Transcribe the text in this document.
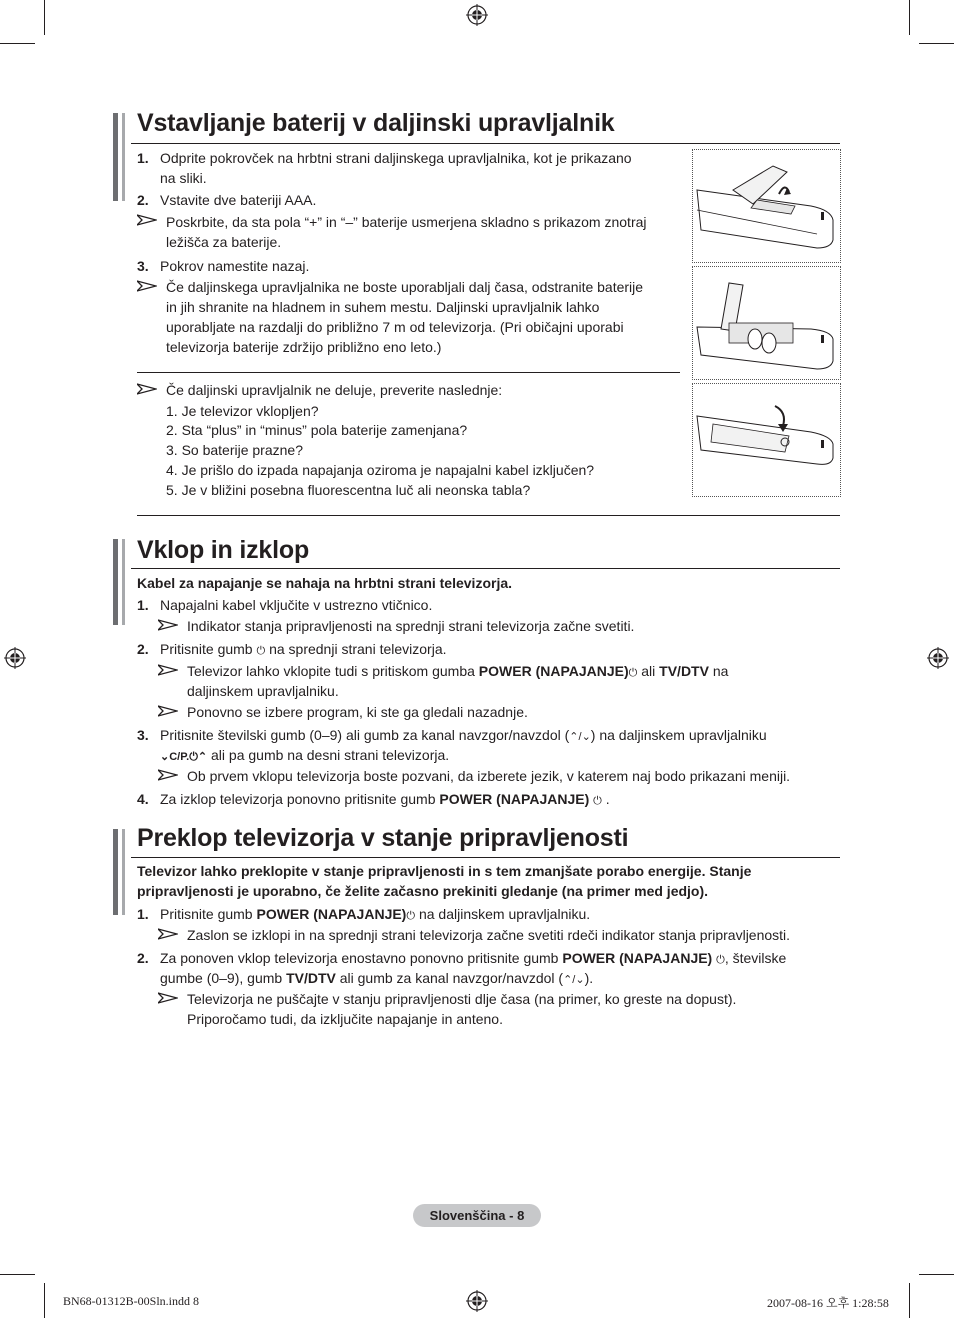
Vstavljanje baterij v daljinski upravljalnik
1. Odprite pokrovček na hrbtni strani daljinskega upravljalnika, kot je prikazano
na sliki.
2. Vstavite dve bateriji AAA.
Poskrbite, da sta pola “+” in “–” baterije usmerjena skladno s prikazom znotraj
ležišča za baterije.
3. Pokrov namestite nazaj.
Če daljinskega upravljalnika ne boste uporabljali dalj časa, odstranite baterije
in jih shranite na hladnem in suhem mestu. Daljinski upravljalnik lahko
uporabljate na razdalji do približno 7 m od televizorja. (Pri običajni uporabi
televizorja baterije zdržijo približno eno leto.)
Če daljinski upravljalnik ne deluje, preverite naslednje:
1. Je televizor vklopljen?
2. Sta “plus” in “minus” pola baterije zamenjana?
3. So baterije prazne?
4. Je prišlo do izpada napajanja oziroma je napajalni kabel izključen?
5. Je v bližini posebna fluorescentna luč ali neonska tabla?
Vklop in izklop
Kabel za napajanje se nahaja na hrbtni strani televizorja.
1. Napajalni kabel vključite v ustrezno vtičnico.
Indikator stanja pripravljenosti na sprednji strani televizorja začne svetiti.
2. Pritisnite gumb ⏻ na sprednji strani televizorja.
Televizor lahko vklopite tudi s pritiskom gumba POWER (NAPAJANJE)⏻ ali TV/DTV na
daljinskem upravljalniku.
Ponovno se izbere program, ki ste ga gledali nazadnje.
3. Pritisnite številski gumb (0–9) ali gumb za kanal navzgor/navzdol (⌃/⌄) na daljinskem upravljalniku
⌄C/P.⏻⌃ ali pa gumb na desni strani televizorja.
Ob prvem vklopu televizorja boste pozvani, da izberete jezik, v katerem naj bodo prikazani meniji.
4. Za izklop televizorja ponovno pritisnite gumb POWER (NAPAJANJE) ⏻ .
Preklop televizorja v stanje pripravljenosti
Televizor lahko preklopite v stanje pripravljenosti in s tem zmanjšate porabo energije. Stanje
pripravljenosti je uporabno, če želite začasno prekiniti gledanje (na primer med jedjo).
1. Pritisnite gumb POWER (NAPAJANJE)⏻ na daljinskem upravljalniku.
Zaslon se izklopi in na sprednji strani televizorja začne svetiti rdeči indikator stanja pripravljenosti.
2. Za ponoven vklop televizorja enostavno ponovno pritisnite gumb POWER (NAPAJANJE) ⏻, številske
gumbe (0–9), gumb TV/DTV ali gumb za kanal navzgor/navzdol (⌃/⌄).
Televizorja ne puščajte v stanju pripravljenosti dlje časa (na primer, ko greste na dopust).
Priporočamo tudi, da izključite napajanje in anteno.
Slovenščina - 8
BN68-01312B-00Sln.indd 8	2007-08-16 오후 1:28:58
